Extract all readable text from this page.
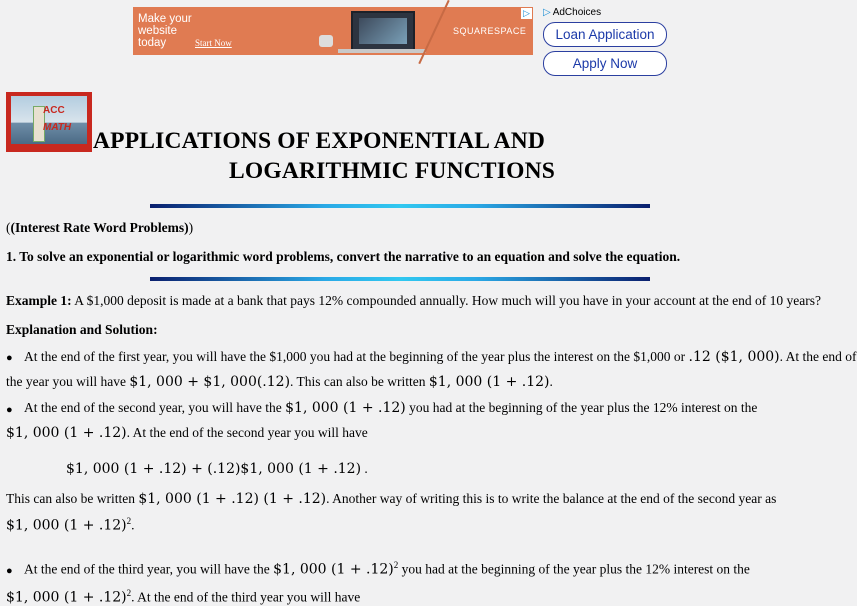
Make your
website
today	Start Now
SQUARESPACE
▷ ▷ AdChoices
Loan Application
Apply Now
ACC
MATH
APPLICATIONS OF EXPONENTIAL AND
LOGARITHMIC FUNCTIONS
((Interest Rate Word Problems))
1. To solve an exponential or logarithmic word problems, convert the narrative to an equation and solve the equation.
Example 1: A $1,000 deposit is made at a bank that pays 12% compounded annually. How much will you have in your account at the end of 10 years?
Explanation and Solution:
● At the end of the first year, you will have the $1,000 you had at the beginning of the year plus the interest on the $1,000 or .12 ($1, 000). At the end of
the year you will have $1, 000 + $1, 000(.12). This can also be written $1, 000 (1 + .12).
● At the end of the second year, you will have the $1, 000 (1 + .12) you had at the beginning of the year plus the 12% interest on the
$1, 000 (1 + .12). At the end of the second year you will have
$1, 000 (1 + .12) + (.12)$1, 000 (1 + .12) .
This can also be written $1, 000 (1 + .12) (1 + .12). Another way of writing this is to write the balance at the end of the second year as
$1, 000 $(1 + .12)^2$.
● At the end of the third year, you will have the $1, 000 $(1 + .12)^2$ you had at the beginning of the year plus the 12% interest on the
$1, 000 $(1 + .12)^2$. At the end of the third year you will have
